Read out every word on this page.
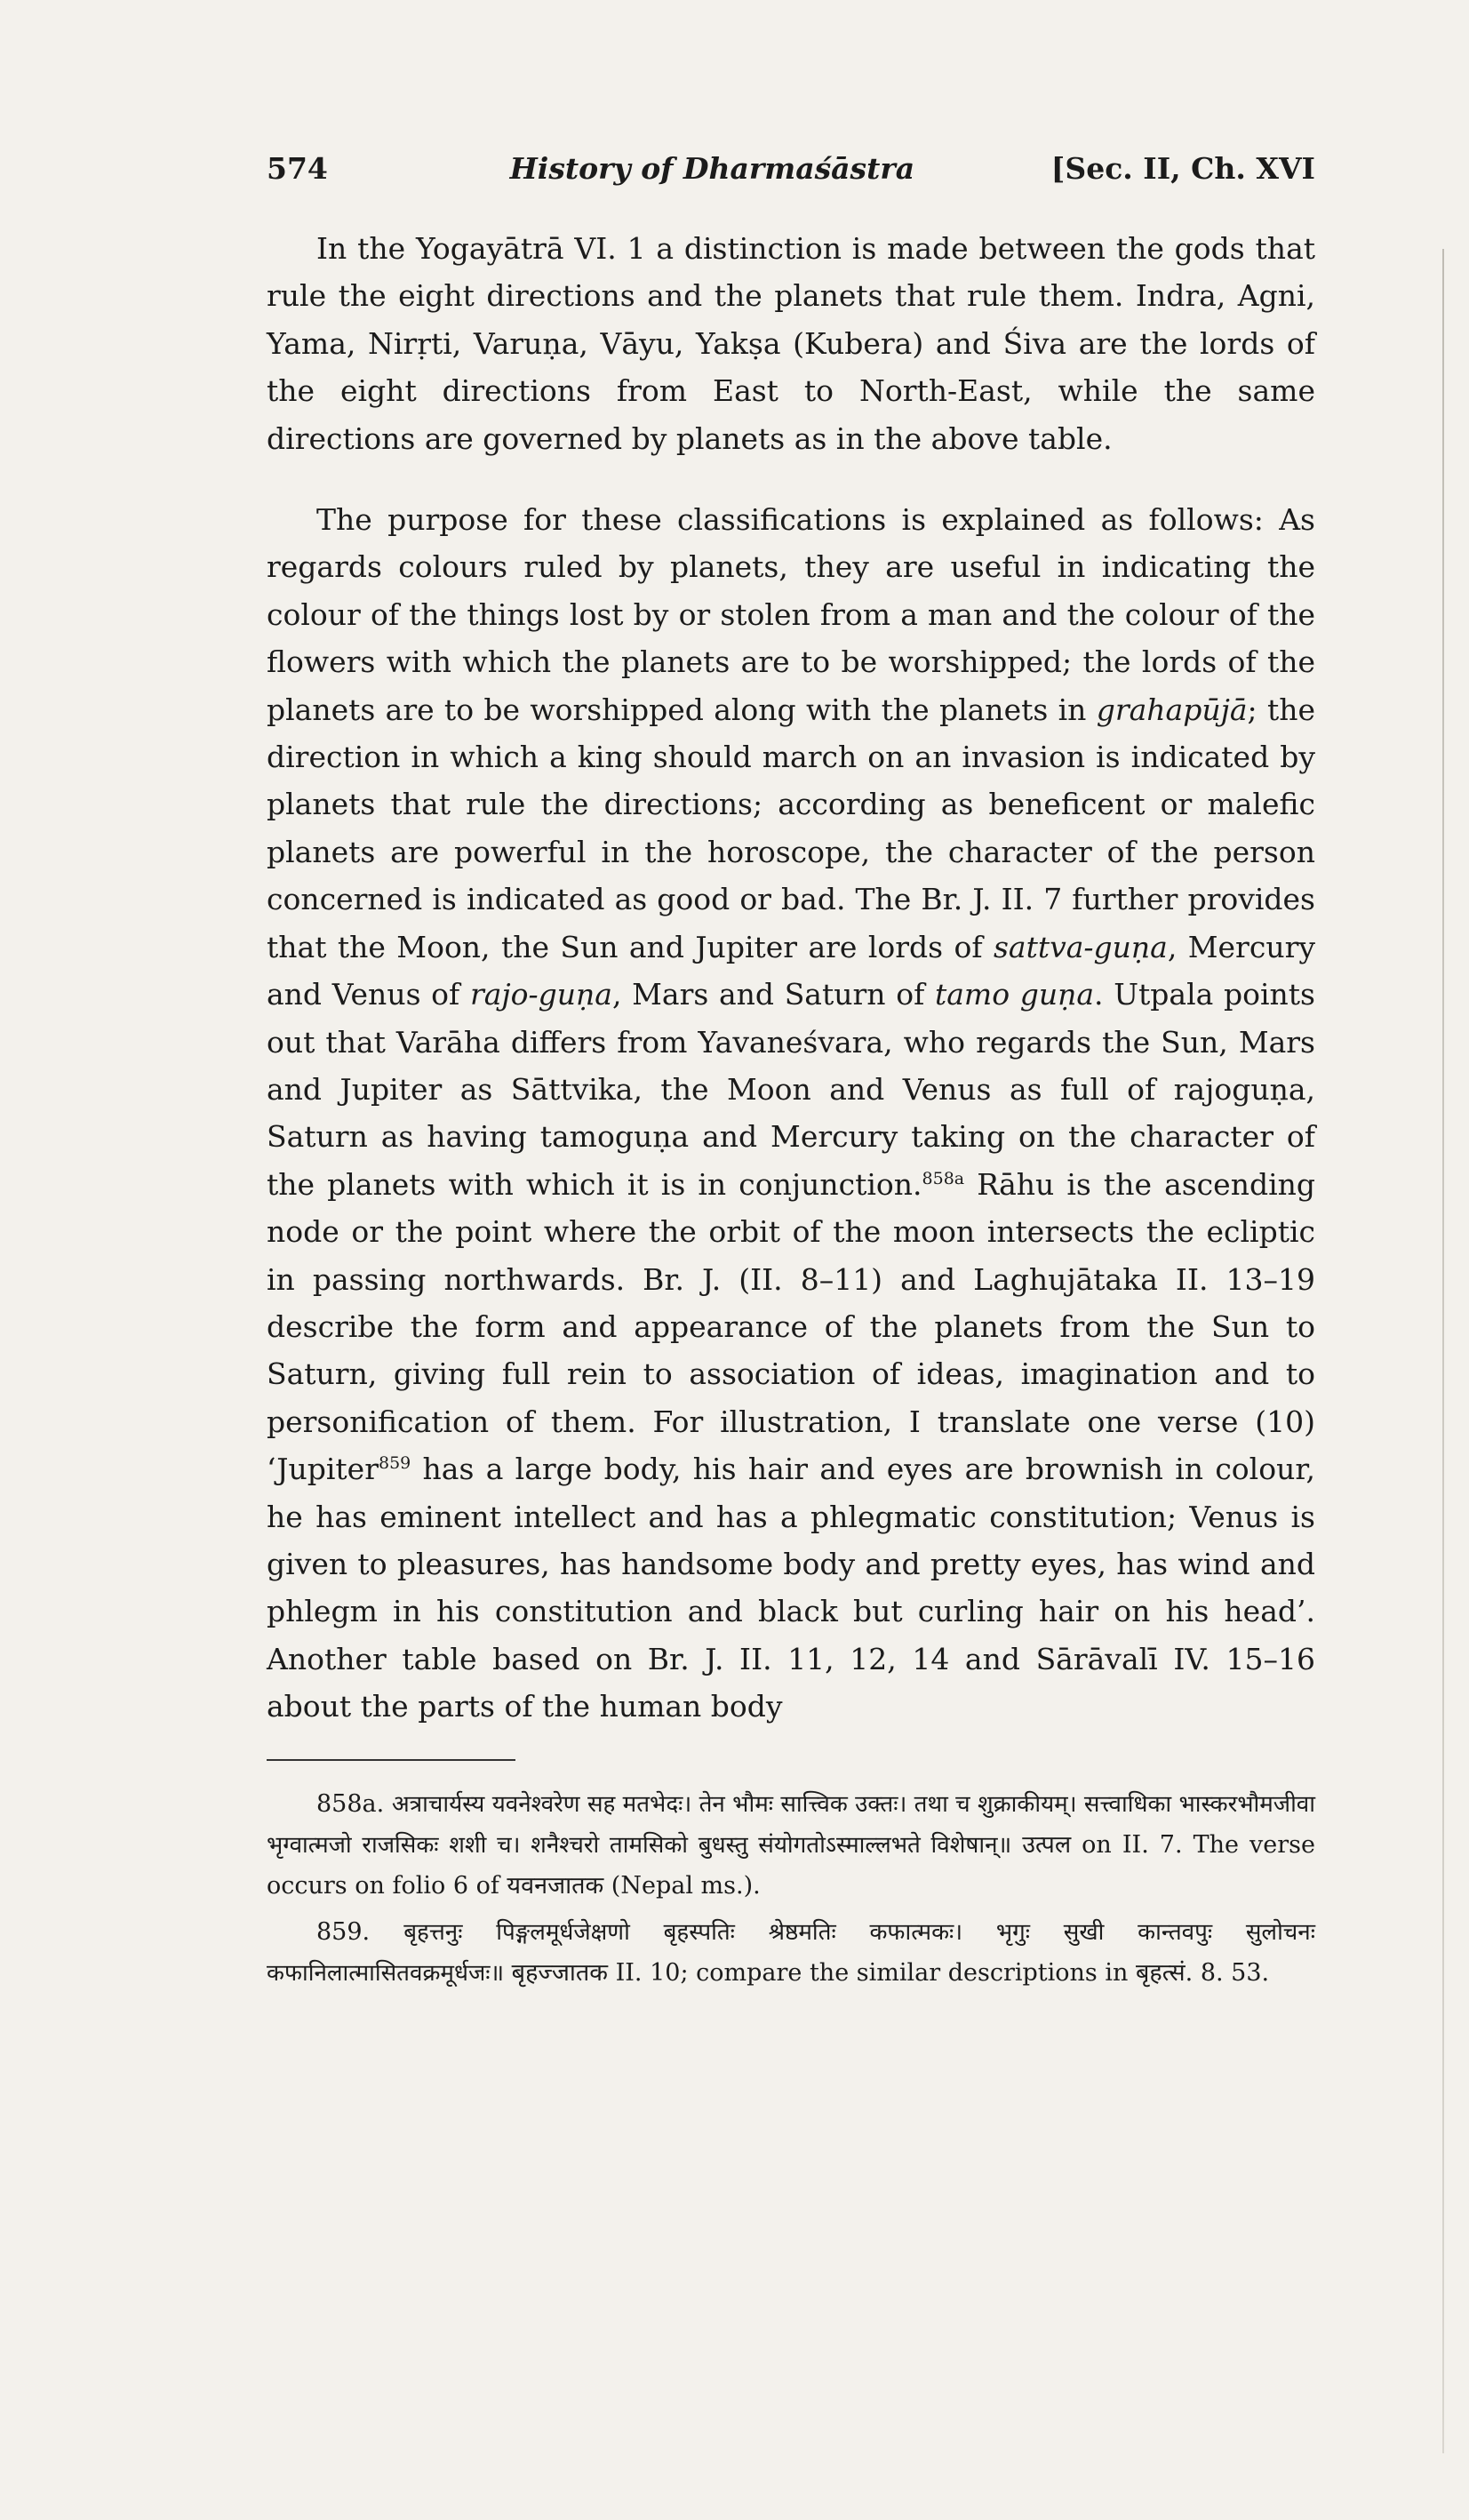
574	History of Dharmaśāstra	[Sec. II, Ch. XVI

In the Yogayātrā VI. 1 a distinction is made between the gods that rule the eight directions and the planets that rule them. Indra, Agni, Yama, Nirṛti, Varuṇa, Vāyu, Yakṣa (Kubera) and Śiva are the lords of the eight directions from East to North-East, while the same directions are governed by planets as in the above table.

The purpose for these classifications is explained as follows: As regards colours ruled by planets, they are useful in indicating the colour of the things lost by or stolen from a man and the colour of the flowers with which the planets are to be worshipped; the lords of the planets are to be worshipped along with the planets in grahapūjā; the direction in which a king should march on an invasion is indicated by planets that rule the directions; according as beneficent or malefic planets are powerful in the horoscope, the character of the person concerned is indicated as good or bad. The Br. J. II. 7 further provides that the Moon, the Sun and Jupiter are lords of sattva-guṇa, Mercury and Venus of rajo-guṇa, Mars and Saturn of tamo guṇa. Utpala points out that Varāha differs from Yavaneśvara, who regards the Sun, Mars and Jupiter as Sāttvika, the Moon and Venus as full of rajoguṇa, Saturn as having tamoguṇa and Mercury taking on the character of the planets with which it is in conjunction.$^{858a}$ Rāhu is the ascending node or the point where the orbit of the moon intersects the ecliptic in passing northwards. Br. J. (II. 8–11) and Laghujātaka II. 13–19 describe the form and appearance of the planets from the Sun to Saturn, giving full rein to association of ideas, imagination and to personification of them. For illustration, I translate one verse (10) ‘Jupiter$^{859}$ has a large body, his hair and eyes are brownish in colour, he has eminent intellect and has a phlegmatic constitution; Venus is given to pleasures, has handsome body and pretty eyes, has wind and phlegm in his constitution and black but curling hair on his head’. Another table based on Br. J. II. 11, 12, 14 and Sārāvalī IV. 15–16 about the parts of the human body

858a. अत्राचार्यस्य यवनेश्वरेण सह मतभेदः। तेन भौमः सात्त्विक उक्तः। तथा च शुक्राकीयम्। सत्त्वाधिका भास्करभौमजीवा भृग्वात्मजो राजसिकः शशी च। शनैश्चरो तामसिको बुधस्तु संयोगतोऽस्माल्लभते विशेषान्॥ उत्पल on II. 7. The verse occurs on folio 6 of यवनजातक (Nepal ms.).

859. बृहत्तनुः पिङ्गलमूर्धजेक्षणो बृहस्पतिः श्रेष्ठमतिः कफात्मकः। भृगुः सुखी कान्तवपुः सुलोचनः कफानिलात्मासितवक्रमूर्धजः॥ बृहज्जातक II. 10; compare the similar descriptions in बृहत्सं. 8. 53.
